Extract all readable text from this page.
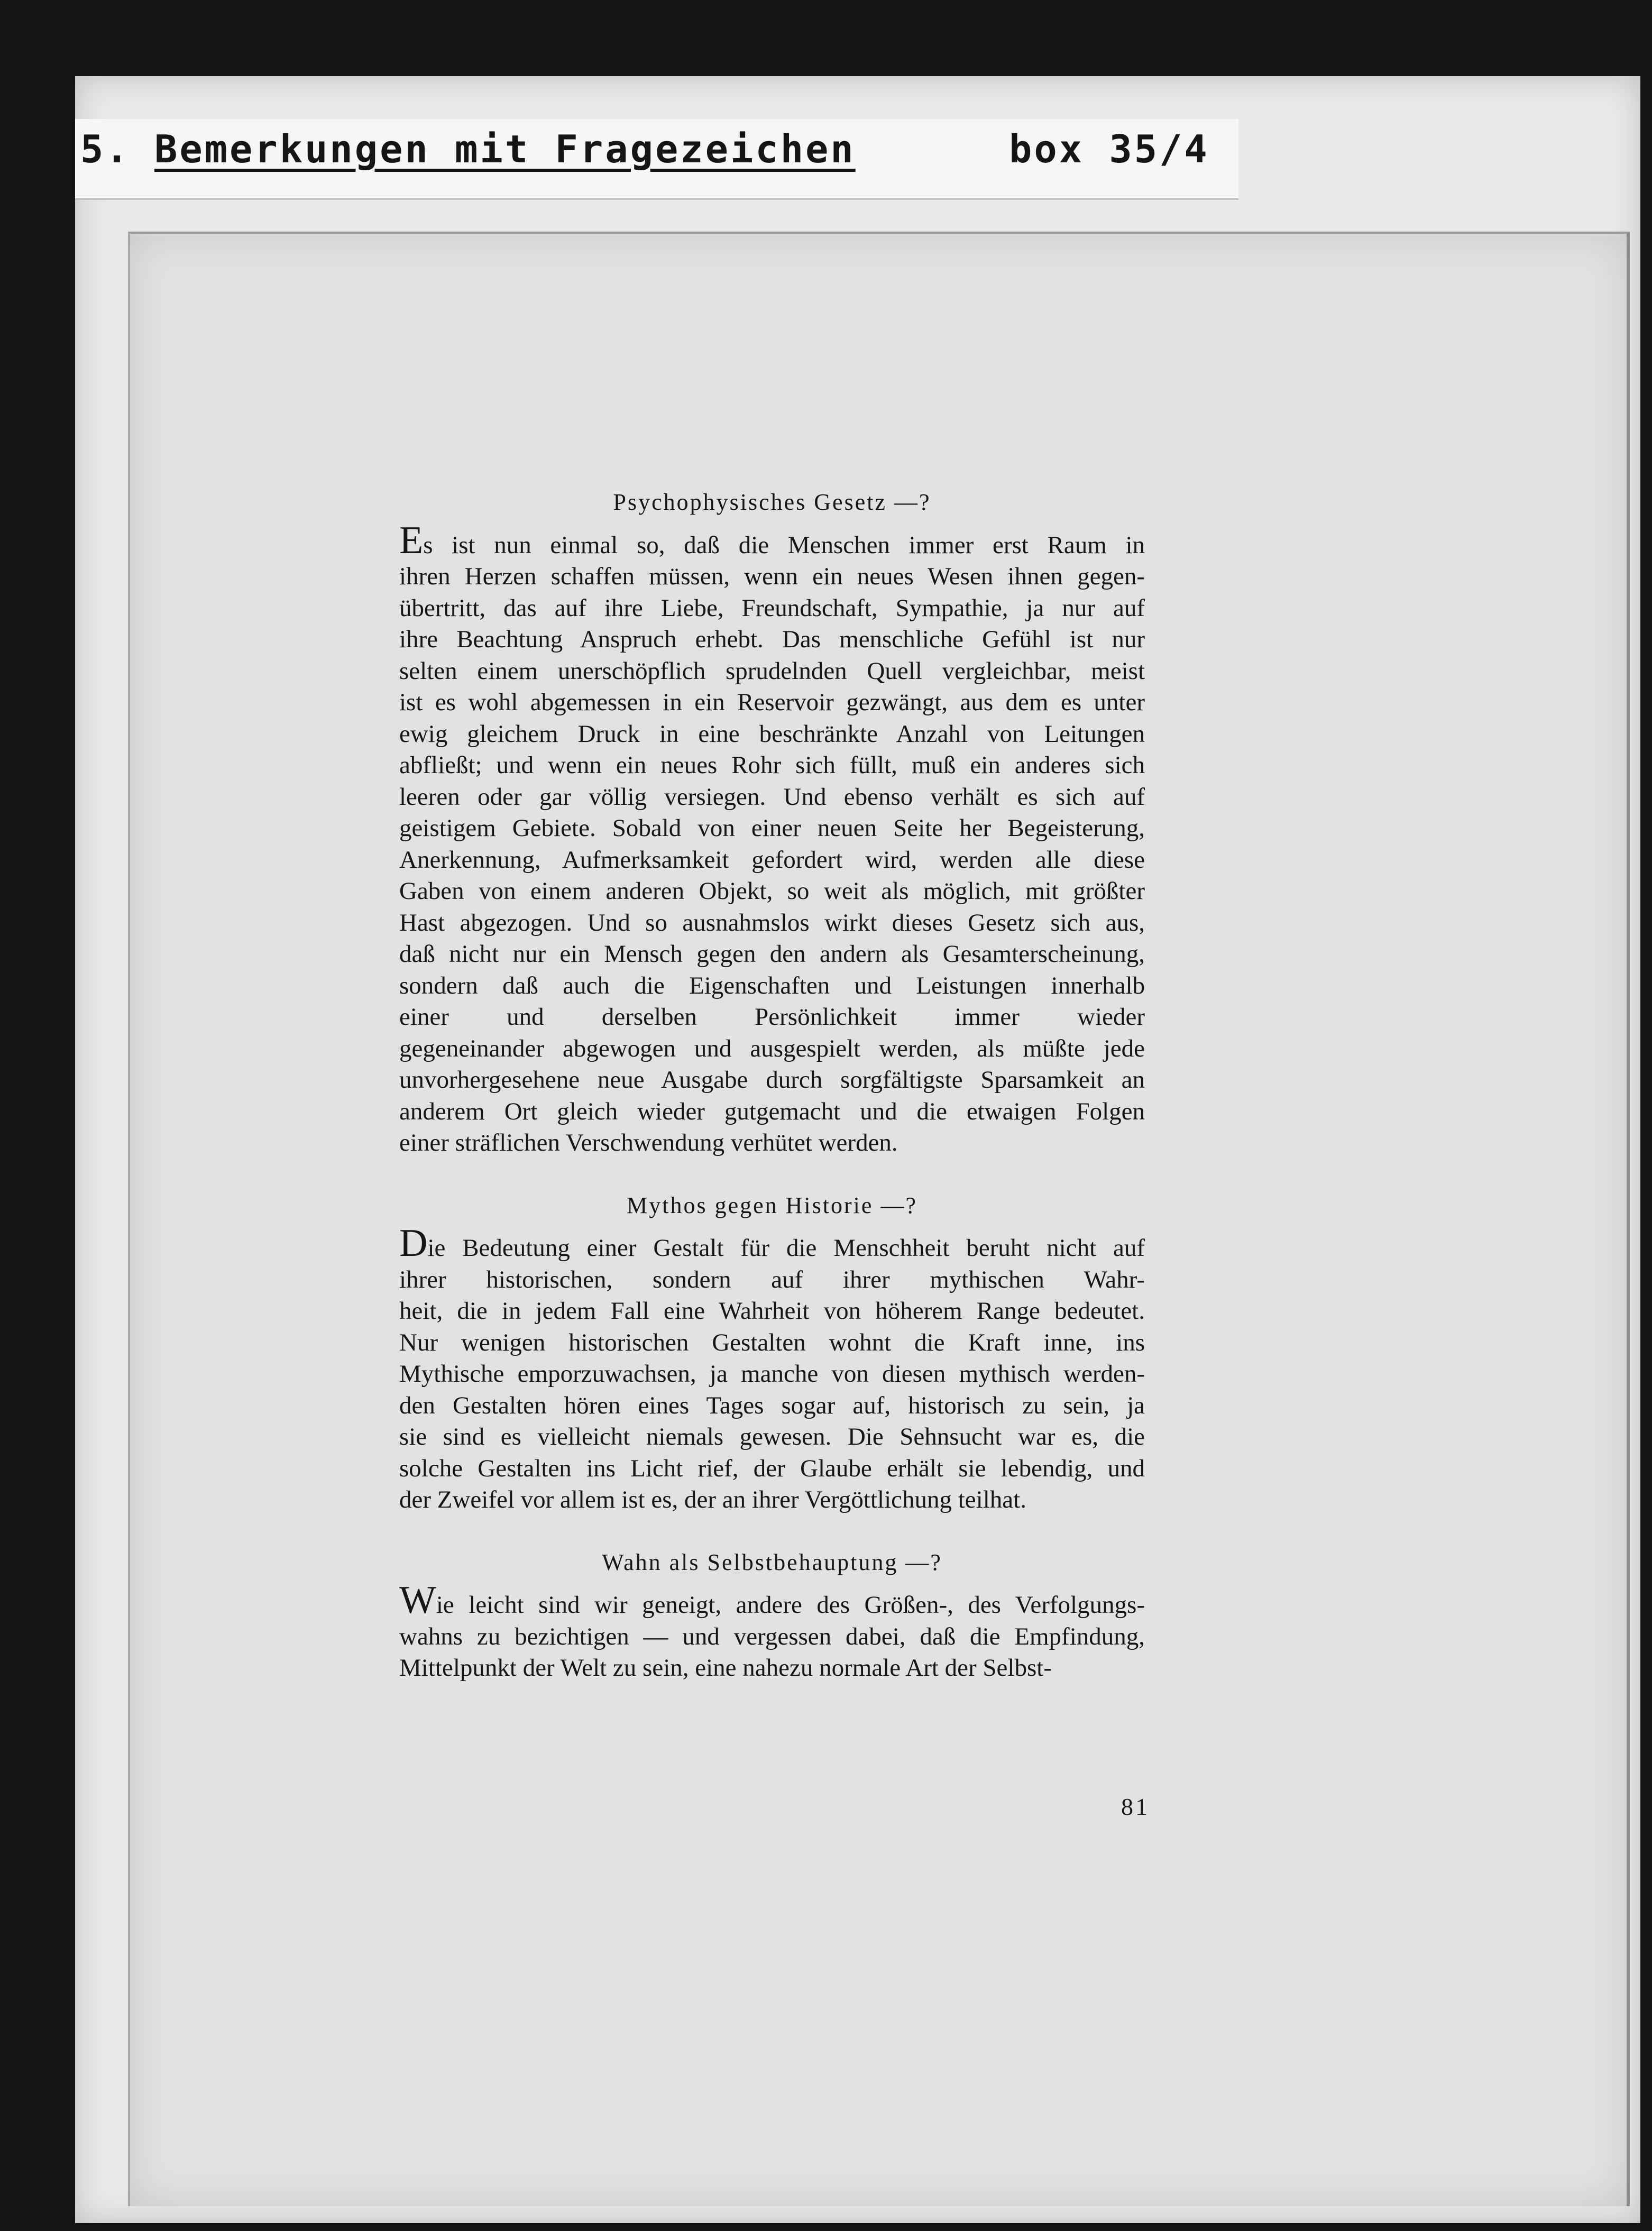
5. Bemerkungen mit Fragezeichen	box 35/4
Psychophysisches Gesetz —?
Es ist nun einmal so, daß die Menschen immer erst Raum in
ihren Herzen schaffen müssen, wenn ein neues Wesen ihnen gegen-
übertritt, das auf ihre Liebe, Freundschaft, Sympathie, ja nur auf
ihre Beachtung Anspruch erhebt. Das menschliche Gefühl ist nur
selten einem unerschöpflich sprudelnden Quell vergleichbar, meist
ist es wohl abgemessen in ein Reservoir gezwängt, aus dem es unter
ewig gleichem Druck in eine beschränkte Anzahl von Leitungen
abfließt; und wenn ein neues Rohr sich füllt, muß ein anderes sich
leeren oder gar völlig versiegen. Und ebenso verhält es sich auf
geistigem Gebiete. Sobald von einer neuen Seite her Begeisterung,
Anerkennung, Aufmerksamkeit gefordert wird, werden alle diese
Gaben von einem anderen Objekt, so weit als möglich, mit größter
Hast abgezogen. Und so ausnahmslos wirkt dieses Gesetz sich aus,
daß nicht nur ein Mensch gegen den andern als Gesamterscheinung,
sondern daß auch die Eigenschaften und Leistungen innerhalb
einer und derselben Persönlichkeit immer wieder
gegeneinander abgewogen und ausgespielt werden, als müßte jede
unvorhergesehene neue Ausgabe durch sorgfältigste Sparsamkeit an
anderem Ort gleich wieder gutgemacht und die etwaigen Folgen
einer sträflichen Verschwendung verhütet werden.
Mythos gegen Historie —?
Die Bedeutung einer Gestalt für die Menschheit beruht nicht auf
ihrer historischen, sondern auf ihrer mythischen Wahr-
heit, die in jedem Fall eine Wahrheit von höherem Range bedeutet.
Nur wenigen historischen Gestalten wohnt die Kraft inne, ins
Mythische emporzuwachsen, ja manche von diesen mythisch werden-
den Gestalten hören eines Tages sogar auf, historisch zu sein, ja
sie sind es vielleicht niemals gewesen. Die Sehnsucht war es, die
solche Gestalten ins Licht rief, der Glaube erhält sie lebendig, und
der Zweifel vor allem ist es, der an ihrer Vergöttlichung teilhat.
Wahn als Selbstbehauptung —?
Wie leicht sind wir geneigt, andere des Größen-, des Verfolgungs-
wahns zu bezichtigen — und vergessen dabei, daß die Empfindung,
Mittelpunkt der Welt zu sein, eine nahezu normale Art der Selbst-
81
